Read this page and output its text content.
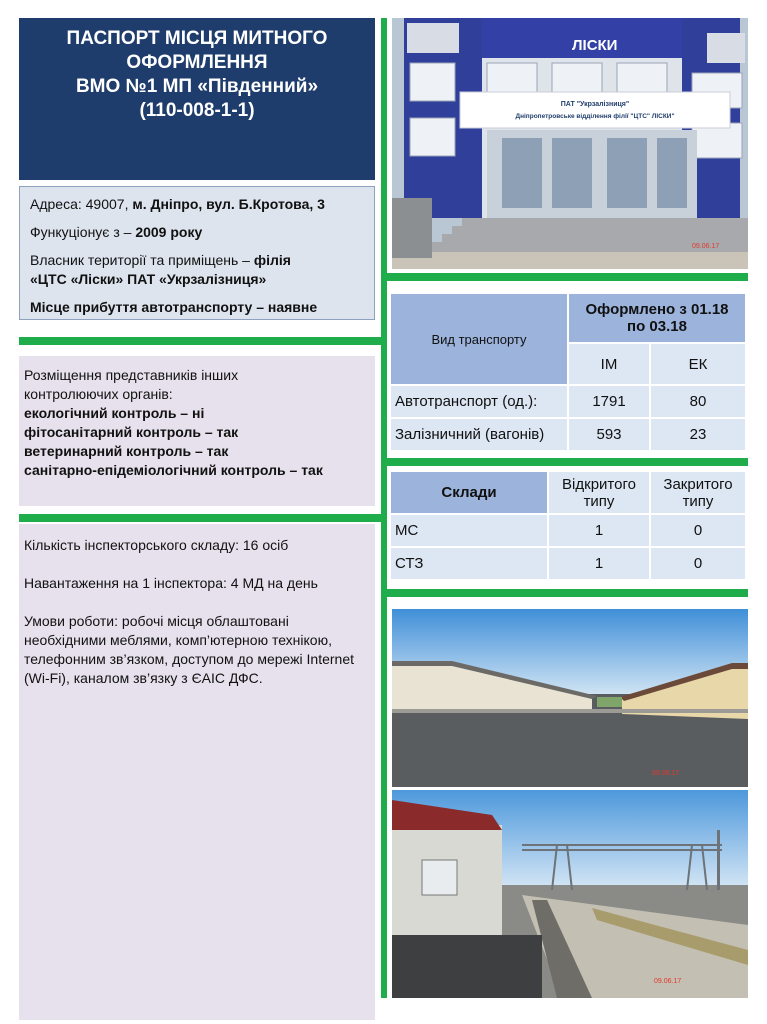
ПАСПОРТ МІСЦЯ МИТНОГО
ОФОРМЛЕННЯ
ВМО №1 МП «Південний»
(110-008-1-1)

Адреса: 49007, м. Дніпро, вул. Б.Кротова, 3

Функуціонує з – 2009 року

Власник території та приміщень – філія
«ЦТС «Ліски» ПАТ «Укрзалізниця»

Місце прибуття автотранспорту – наявне

Розміщення представників інших
контролюючих органів:
екологічний контроль – ні
фітосанітарний контроль – так
ветеринарний контроль – так
санітарно-епідеміологічний контроль – так

Кількість інспекторського складу: 16 осіб

Навантаження на 1 інспектора: 4 МД на день

Умови роботи: робочі місця облаштовані необхідними меблями, комп’ютерною технікою, телефонним зв’язком, доступом до мережі Internet (Wi-Fi), каналом зв’язку з ЄАІС ДФС.

ПАТ "Укрзалізниця"
Дніпропетровське відділення філії "ЦТС" ЛІСКИ"
ЛІСКИ
09.06.17
Вид транспорту	Оформлено з 01.18
по 03.18	
	ІМ	ЕК
Автотранспорт (од.):	1791	80
Залізничний (вагонів)	593	23
Склади	Відкритого типу	Закритого типу
МС	1	0
СТЗ	1	0
09.06.17
09.06.17
